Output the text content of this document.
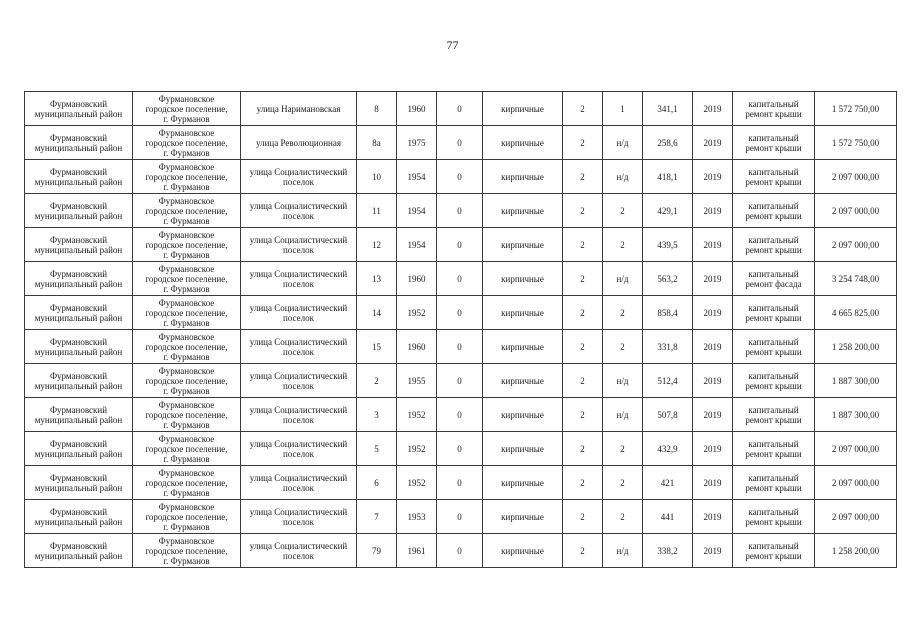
77
Фурмановский
муниципальный район	Фурмановское
городское поселение,
г. Фурманов	улица Наримановская	8	1960	0	кирпичные	2	1	341,1	2019	капитальный
ремонт крыши	1 572 750,00
Фурмановский
муниципальный район	Фурмановское
городское поселение,
г. Фурманов	улица Революционная	8а	1975	0	кирпичные	2	н/д	258,6	2019	капитальный
ремонт крыши	1 572 750,00
Фурмановский
муниципальный район	Фурмановское
городское поселение,
г. Фурманов	улица Социалистический
поселок	10	1954	0	кирпичные	2	н/д	418,1	2019	капитальный
ремонт крыши	2 097 000,00
Фурмановский
муниципальный район	Фурмановское
городское поселение,
г. Фурманов	улица Социалистический
поселок	11	1954	0	кирпичные	2	2	429,1	2019	капитальный
ремонт крыши	2 097 000,00
Фурмановский
муниципальный район	Фурмановское
городское поселение,
г. Фурманов	улица Социалистический
поселок	12	1954	0	кирпичные	2	2	439,5	2019	капитальный
ремонт крыши	2 097 000,00
Фурмановский
муниципальный район	Фурмановское
городское поселение,
г. Фурманов	улица Социалистический
поселок	13	1960	0	кирпичные	2	н/д	563,2	2019	капитальный
ремонт фасада	3 254 748,00
Фурмановский
муниципальный район	Фурмановское
городское поселение,
г. Фурманов	улица Социалистический
поселок	14	1952	0	кирпичные	2	2	858,4	2019	капитальный
ремонт крыши	4 665 825,00
Фурмановский
муниципальный район	Фурмановское
городское поселение,
г. Фурманов	улица Социалистический
поселок	15	1960	0	кирпичные	2	2	331,8	2019	капитальный
ремонт крыши	1 258 200,00
Фурмановский
муниципальный район	Фурмановское
городское поселение,
г. Фурманов	улица Социалистический
поселок	2	1955	0	кирпичные	2	н/д	512,4	2019	капитальный
ремонт крыши	1 887 300,00
Фурмановский
муниципальный район	Фурмановское
городское поселение,
г. Фурманов	улица Социалистический
поселок	3	1952	0	кирпичные	2	н/д	507,8	2019	капитальный
ремонт крыши	1 887 300,00
Фурмановский
муниципальный район	Фурмановское
городское поселение,
г. Фурманов	улица Социалистический
поселок	5	1952	0	кирпичные	2	2	432,9	2019	капитальный
ремонт крыши	2 097 000,00
Фурмановский
муниципальный район	Фурмановское
городское поселение,
г. Фурманов	улица Социалистический
поселок	6	1952	0	кирпичные	2	2	421	2019	капитальный
ремонт крыши	2 097 000,00
Фурмановский
муниципальный район	Фурмановское
городское поселение,
г. Фурманов	улица Социалистический
поселок	7	1953	0	кирпичные	2	2	441	2019	капитальный
ремонт крыши	2 097 000,00
Фурмановский
муниципальный район	Фурмановское
городское поселение,
г. Фурманов	улица Социалистический
поселок	79	1961	0	кирпичные	2	н/д	338,2	2019	капитальный
ремонт крыши	1 258 200,00
